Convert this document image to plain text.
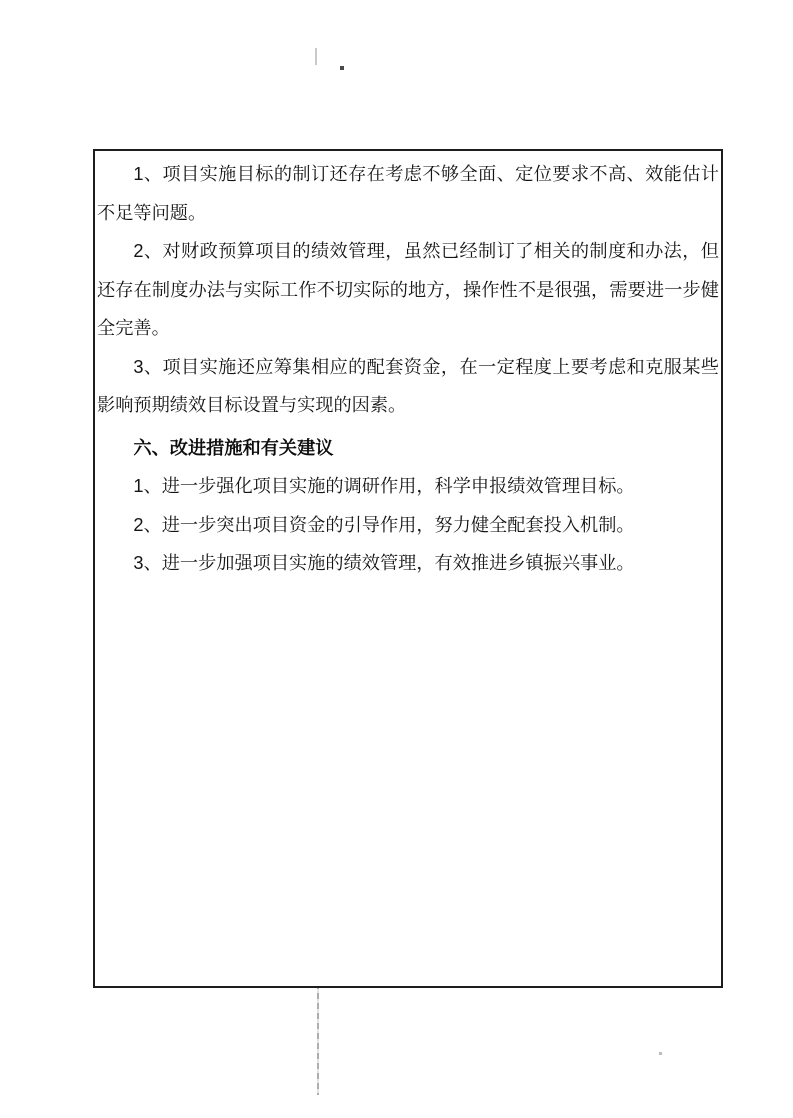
1、项目实施目标的制订还存在考虑不够全面、定位要求不高、效能估计不足等问题。

2、对财政预算项目的绩效管理，虽然已经制订了相关的制度和办法，但还存在制度办法与实际工作不切实际的地方，操作性不是很强，需要进一步健全完善。

3、项目实施还应筹集相应的配套资金，在一定程度上要考虑和克服某些影响预期绩效目标设置与实现的因素。

六、改进措施和有关建议

1、进一步强化项目实施的调研作用，科学申报绩效管理目标。

2、进一步突出项目资金的引导作用，努力健全配套投入机制。

3、进一步加强项目实施的绩效管理，有效推进乡镇振兴事业。
